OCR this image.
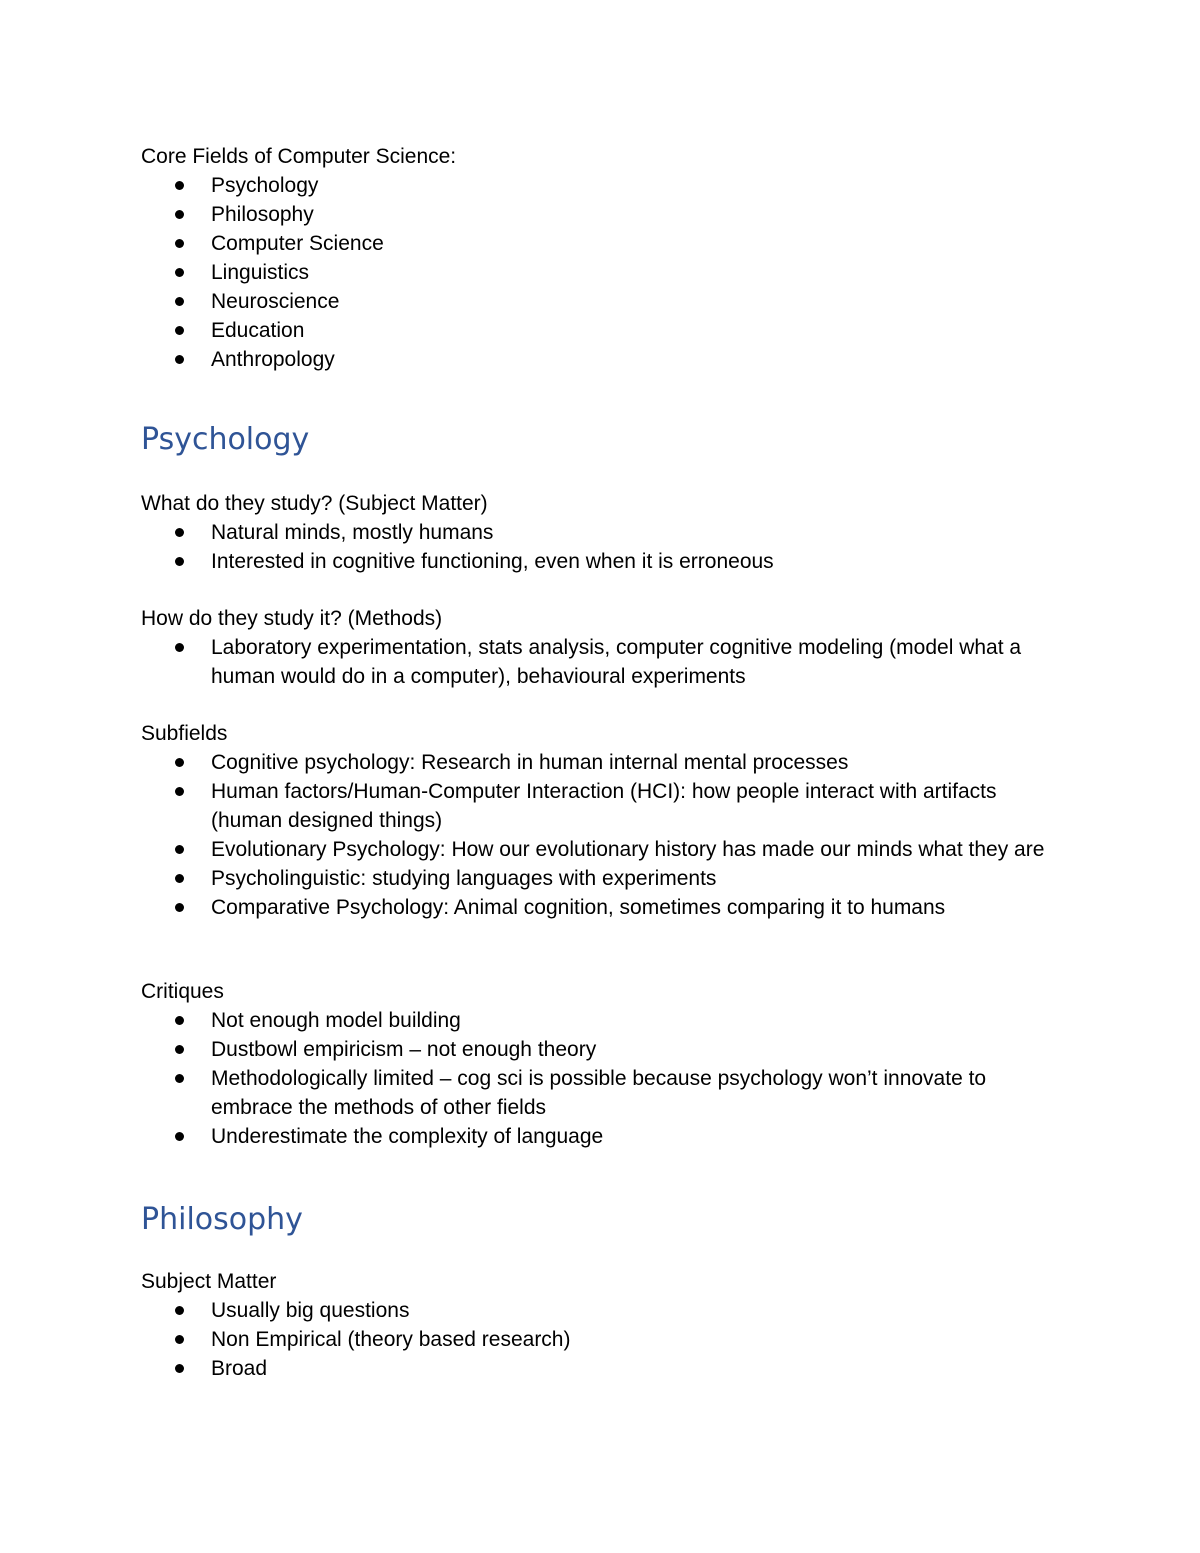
Core Fields of Computer Science:

Psychology
Philosophy
Computer Science
Linguistics
Neuroscience
Education
Anthropology
Psychology

What do they study? (Subject Matter)

Natural minds, mostly humans
Interested in cognitive functioning, even when it is erroneous

How do they study it? (Methods)

Laboratory experimentation, stats analysis, computer cognitive modeling (model what a human would do in a computer), behavioural experiments

Subfields

Cognitive psychology: Research in human internal mental processes
Human factors/Human-Computer Interaction (HCI): how people interact with artifacts (human designed things)
Evolutionary Psychology: How our evolutionary history has made our minds what they are
Psycholinguistic: studying languages with experiments
Comparative Psychology: Animal cognition, sometimes comparing it to humans

Critiques

Not enough model building
Dustbowl empiricism – not enough theory
Methodologically limited – cog sci is possible because psychology won’t innovate to embrace the methods of other fields
Underestimate the complexity of language
Philosophy

Subject Matter

Usually big questions
Non Empirical (theory based research)
Broad
